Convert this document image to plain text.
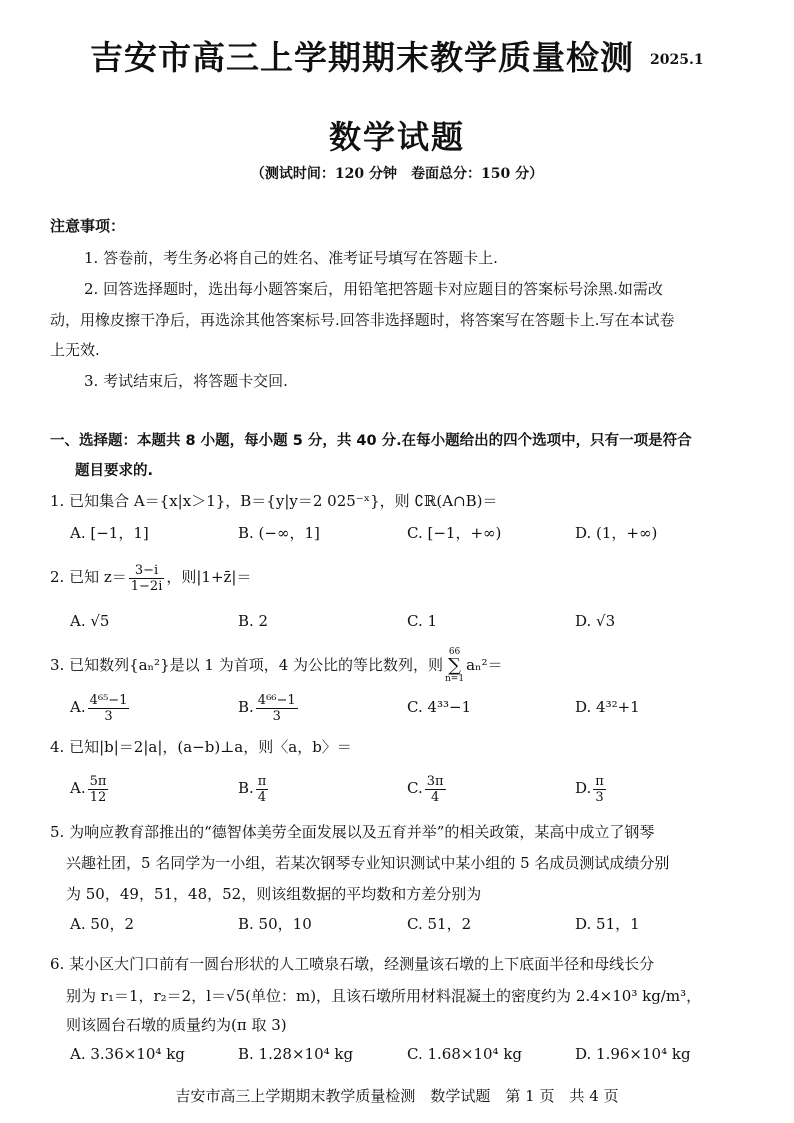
吉安市高三上学期期末教学质量检测 2025.1
数学试题
（测试时间：120 分钟　卷面总分：150 分）
注意事项：
1. 答卷前，考生务必将自己的姓名、准考证号填写在答题卡上.
2. 回答选择题时，选出每小题答案后，用铅笔把答题卡对应题目的答案标号涂黑.如需改
动，用橡皮擦干净后，再选涂其他答案标号.回答非选择题时，将答案写在答题卡上.写在本试卷
上无效.
3. 考试结束后，将答题卡交回.
一、选择题：本题共 8 小题，每小题 5 分，共 40 分.在每小题给出的四个选项中，只有一项是符合
题目要求的.
1. 已知集合 A＝{x|x＞1}，B＝{y|y＝2 025⁻ˣ}，则 ∁ℝ(A∩B)＝
A. [−1，1]	B. (−∞，1]	C. [−1，+∞)	D. (1，+∞)
2. 已知 $z= \frac{3-i}{1-2i}$ ，则|1+z̄|＝
A. √5	B. 2	C. 1	D. √3
3. 已知数列{aₙ²}是以 1 为首项，4 为公比的等比数列，则66
∑
n=1aₙ²＝
A. $\frac{\text{4⁶⁵−1}}{3}$	B. $\frac{\text{4⁶⁶−1}}{3}$	C. 4³³−1	D. 4³²+1
4. 已知|b|＝2|a|，(a−b)⊥a，则〈a，b〉＝
A. $\frac{5\pi}{12}$	B. $\frac{\pi}{4}$	C. $\frac{3\pi}{4}$	D. $\frac{\pi}{3}$
5. 为响应教育部推出的“德智体美劳全面发展以及五育并举”的相关政策，某高中成立了钢琴
兴趣社团，5 名同学为一小组，若某次钢琴专业知识测试中某小组的 5 名成员测试成绩分别
为 50，49，51，48，52，则该组数据的平均数和方差分别为
A. 50，2	B. 50，10	C. 51，2	D. 51，1
6. 某小区大门口前有一圆台形状的人工喷泉石墩，经测量该石墩的上下底面半径和母线长分
别为 r₁＝1，r₂＝2，l＝√5(单位：m)，且该石墩所用材料混凝土的密度约为 2.4×10³ kg/m³，
则该圆台石墩的质量约为(π 取 3)
A. 3.36×10⁴ kg	B. 1.28×10⁴ kg	C. 1.68×10⁴ kg	D. 1.96×10⁴ kg
吉安市高三上学期期末教学质量检测　数学试题　第 1 页　共 4 页
